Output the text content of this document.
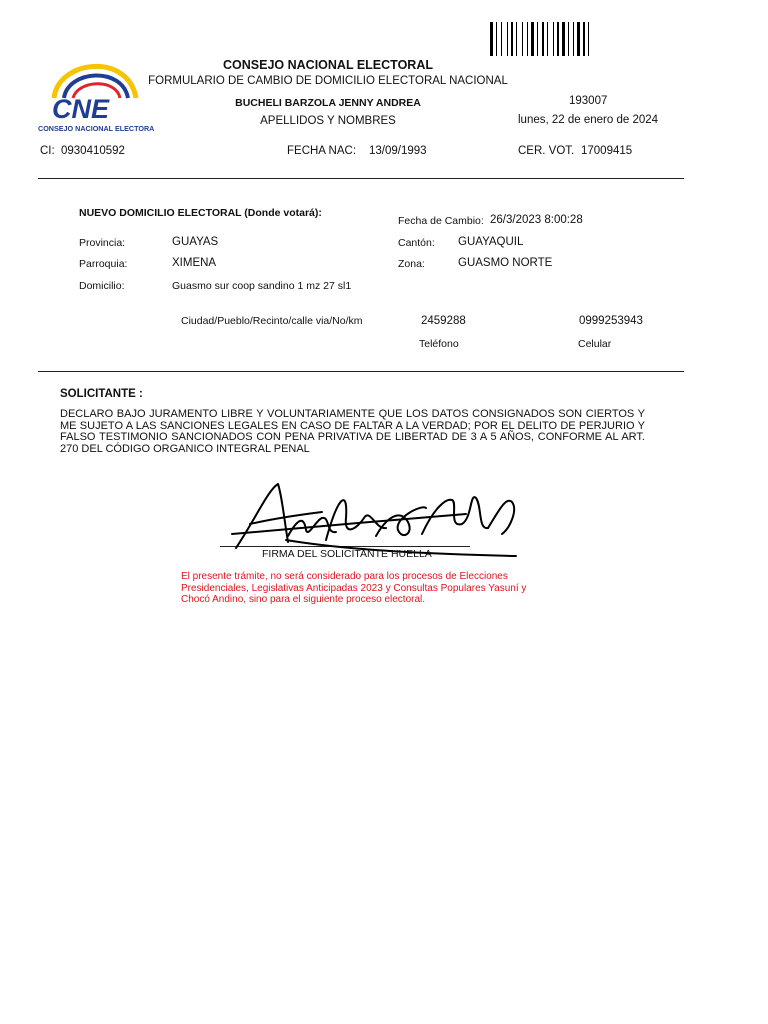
CNE
CONSEJO NACIONAL ELECTORAL
CONSEJO NACIONAL ELECTORAL
FORMULARIO DE CAMBIO DE DOMICILIO ELECTORAL NACIONAL
BUCHELI BARZOLA JENNY ANDREA
APELLIDOS Y NOMBRES
193007
lunes, 22 de enero de 2024
CI: 0930410592	FECHA NAC: 13/09/1993	CER. VOT. 17009415
NUEVO DOMICILIO ELECTORAL (Donde votará):
Fecha de Cambio: 26/3/2023 8:00:28
Provincia:	GUAYAS	Cantón: GUAYAQUIL
Parroquia:	XIMENA	Zona:	GUASMO NORTE
Domicilio:	Guasmo sur coop sandino 1 mz 27 sl1
Ciudad/Pueblo/Recinto/calle via/No/km	2459288	0999253943
Teléfono	Celular
SOLICITANTE :
DECLARO BAJO JURAMENTO LIBRE Y VOLUNTARIAMENTE QUE LOS DATOS CONSIGNADOS SON CIERTOS Y ME SUJETO A LAS SANCIONES LEGALES EN CASO DE FALTAR A LA VERDAD; POR EL DELITO DE PERJURIO Y FALSO TESTIMONIO SANCIONADOS CON PENA PRIVATIVA DE LIBERTAD DE 3 A 5 AÑOS, CONFORME AL ART. 270 DEL CÓDIGO ORGANICO INTEGRAL PENAL
FIRMA DEL SOLICITANTE HUELLA
El presente trámite, no será considerado para los procesos de Elecciones Presidenciales, Legislativas Anticipadas 2023 y Consultas Populares Yasuní y Chocó Andino, sino para el siguiente proceso electoral.
